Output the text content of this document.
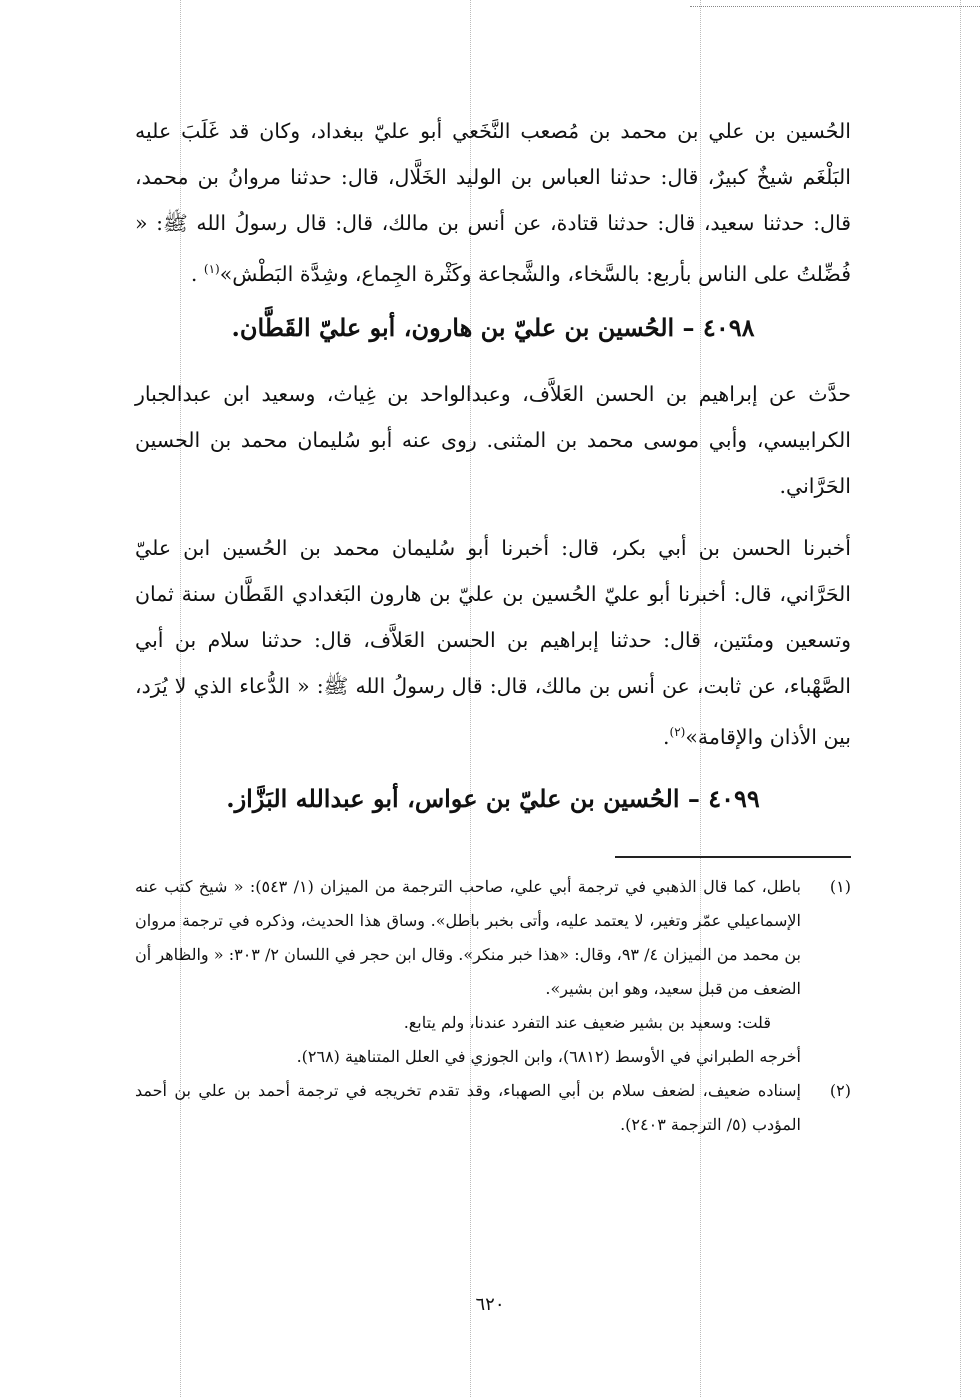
الحُسين بن علي بن محمد بن مُصعب النَّخَعي أبو عليّ ببغداد، وكان قد غَلَبَ عليه البَلْغَم شيخٌ كبيرٌ، قال: حدثنا العباس بن الوليد الخَلَّال، قال: حدثنا مروانُ بن محمد، قال: حدثنا سعيد، قال: حدثنا قتادة، عن أنس بن مالك، قال: قال رسولُ الله ﷺ: « فُضِّلتُ على الناس بأربع: بالسَّخاء، والشَّجاعة وكَثْرة الجِماع، وشِدَّة البَطْش»$^{(١)}$ .

٤٠٩٨ – الحُسين بن عليّ بن هارون، أبو عليّ القَطَّان.

حدَّث عن إبراهيم بن الحسن العَلاَّف، وعبدالواحد بن غِياث، وسعيد ابن عبدالجبار الكرابيسي، وأبي موسى محمد بن المثنى. روى عنه أبو سُليمان محمد بن الحسين الحَرَّاني.

أخبرنا الحسن بن أبي بكر، قال: أخبرنا أبو سُليمان محمد بن الحُسين ابن عليّ الحَرَّاني، قال: أخبرنا أبو عليّ الحُسين بن عليّ بن هارون البَغدادي القَطَّان سنة ثمان وتسعين ومئتين، قال: حدثنا إبراهيم بن الحسن العَلاَّف، قال: حدثنا سلام بن أبي الصَّهْباء، عن ثابت، عن أنس بن مالك، قال: قال رسولُ الله ﷺ: « الدُّعاء الذي لا يُرَد، بين الأذان والإقامة»$^{(٢)}$.

٤٠٩٩ – الحُسين بن عليّ بن عواس، أبو عبدالله البَزَّاز.
(١)
باطل، كما قال الذهبي في ترجمة أبي علي، صاحب الترجمة من الميزان (١/ ٥٤٣): « شيخ كتب عنه الإسماعيلي عمّر وتغير، لا يعتمد عليه، وأتى بخبر باطل». وساق هذا الحديث، وذكره في ترجمة مروان بن محمد من الميزان ٤/ ٩٣، وقال: «هذا خبر منكر». وقال ابن حجر في اللسان ٢/ ٣٠٣: « والظاهر أن الضعف من قبل سعيد، وهو ابن بشير».

قلت: وسعيد بن بشير ضعيف عند التفرد عندنا، ولم يتابع.

أخرجه الطبراني في الأوسط (٦٨١٢)، وابن الجوزي في العلل المتناهية (٢٦٨).

(٢)
إسناده ضعيف، لضعف سلام بن أبي الصهباء، وقد تقدم تخريجه في ترجمة أحمد بن علي بن أحمد المؤدب (٥/ الترجمة ٢٤٠٣).
٦٢٠
